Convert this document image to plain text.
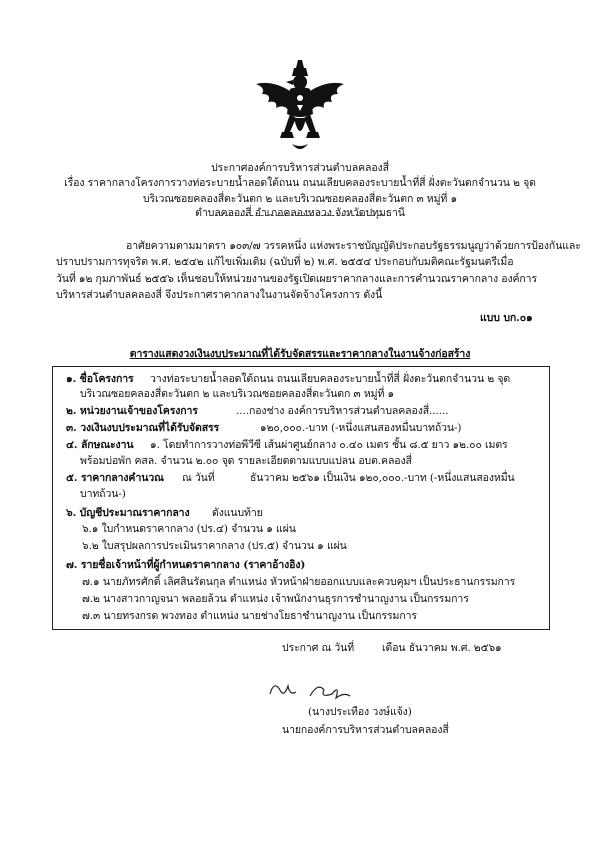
ประกาศองค์การบริหารส่วนตำบลคลองสี่
เรื่อง ราคากลางโครงการวางท่อระบายน้ำลอดใต้ถนน ถนนเลียบคลองระบายน้ำที่สี่ ฝั่งตะวันตกจำนวน ๒ จุด
บริเวณซอยคลองสี่ตะวันตก ๒ และบริเวณซอยคลองสี่ตะวันตก ๓ หมู่ที่ ๑
ตำบลคลองสี่ อำเภอคลองหลวง จังหวัดปทุมธานี
อาศัยความตามมาตรา ๑๐๓/๗ วรรคหนึ่ง แห่งพระราชบัญญัติประกอบรัฐธรรมนูญว่าด้วยการป้องกันและ
ปราบปรามการทุจริต พ.ศ. ๒๕๔๒ แก้ไขเพิ่มเติม (ฉบับที่ ๒) พ.ศ. ๒๕๕๔ ประกอบกับมติคณะรัฐมนตรีเมื่อ
วันที่ ๑๒ กุมภาพันธ์ ๒๕๕๖ เห็นชอบให้หน่วยงานของรัฐเปิดเผยราคากลางและการคำนวณราคากลาง องค์การ
บริหารส่วนตำบลคลองสี่ จึงประกาศราคากลางในงานจัดจ้างโครงการ ดังนี้
แบบ บก.๐๑
ตารางแสดงวงเงินงบประมาณที่ได้รับจัดสรรและราคากลางในงานจ้างก่อสร้าง
๑. ชื่อโครงการ วางท่อระบายน้ำลอดใต้ถนน ถนนเลียบคลองระบายน้ำที่สี่ ฝั่งตะวันตกจำนวน ๒ จุด
บริเวณซอยคลองสี่ตะวันตก ๒ และบริเวณซอยคลองสี่ตะวันตก ๓ หมู่ที่ ๑
๒. หน่วยงานเจ้าของโครงการ	....กองช่าง องค์การบริหารส่วนตำบลคลองสี่......
๓. วงเงินงบประมาณที่ได้รับจัดสรร	๑๒๐,๐๐๐.-บาท (-หนึ่งแสนสองหมื่นบาทถ้วน-)
๔. ลักษณะงาน ๑. โดยทำการวางท่อพีวีซี เส้นผ่าศูนย์กลาง ๐.๔๐ เมตร ชั้น ๘.๕ ยาว ๑๒.๐๐ เมตร
พร้อมบ่อพัก คสล. จำนวน ๒.๐๐ จุด รายละเอียดตามแบบแปลน อบต.คลองสี่
๕. ราคากลางคำนวณ ณ วันที่	ธันวาคม ๒๕๖๑ เป็นเงิน ๑๒๐,๐๐๐.-บาท (-หนึ่งแสนสองหมื่น
บาทถ้วน-)
๖. บัญชีประมาณราคากลาง ดังแนบท้าย
๖.๑ ใบกำหนดราคากลาง (ปร.๔) จำนวน ๑ แผ่น
๖.๒ ใบสรุปผลการประเมินราคากลาง (ปร.๕) จำนวน ๑ แผ่น
๗. รายชื่อเจ้าหน้าที่ผู้กำหนดราคากลาง (ราคาอ้างอิง)
๗.๑ นายภัทรศักดิ์ เลิศสินรัตนกุล ตำแหน่ง หัวหน้าฝ่ายออกแบบและควบคุมฯ เป็นประธานกรรมการ
๗.๒ นางสาวกาญจนา พลอยล้วน ตำแหน่ง เจ้าพนักงานธุรการชำนาญงาน เป็นกรรมการ
๗.๓ นายทรงกรด พวงทอง ตำแหน่ง นายช่างโยธาชำนาญงาน เป็นกรรมการ
ประกาศ ณ วันที่	เดือน ธันวาคม พ.ศ. ๒๕๖๑
(นางประเทือง วงษ์แจ้ง)
นายกองค์การบริหารส่วนตำบลคลองสี่
